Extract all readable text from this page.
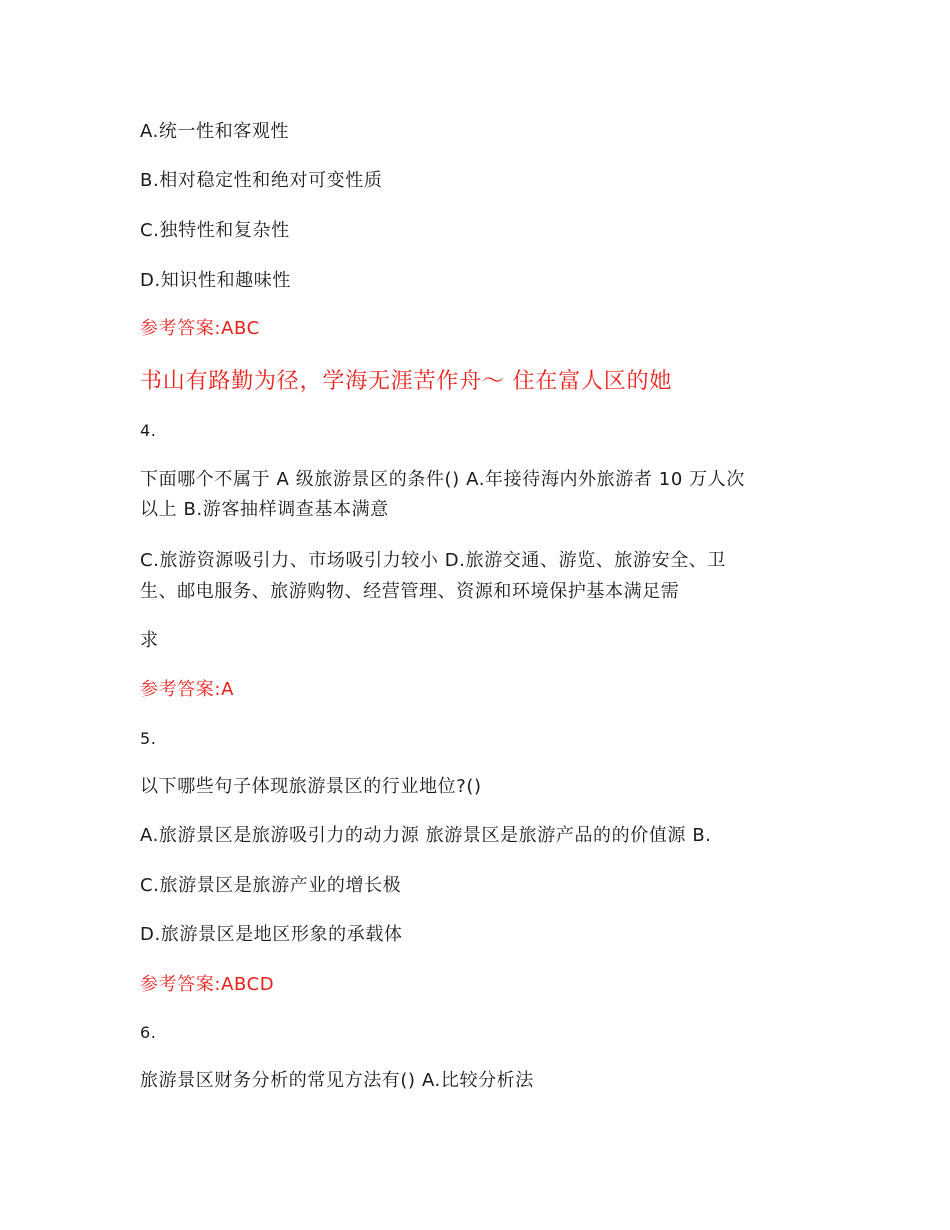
A.统一性和客观性
B.相对稳定性和绝对可变性质
C.独特性和复杂性
D.知识性和趣味性
参考答案:ABC
书山有路勤为径，学海无涯苦作舟～ 住在富人区的她
4.
下面哪个不属于 A 级旅游景区的条件() A.年接待海内外旅游者 10 万人次
以上 B.游客抽样调查基本满意
C.旅游资源吸引力、市场吸引力较小 D.旅游交通、游览、旅游安全、卫
生、邮电服务、旅游购物、经营管理、资源和环境保护基本满足需
求
参考答案:A
5.
以下哪些句子体现旅游景区的行业地位?()
A.旅游景区是旅游吸引力的动力源 旅游景区是旅游产品的的价值源 B.
C.旅游景区是旅游产业的增长极
D.旅游景区是地区形象的承载体
参考答案:ABCD
6.
旅游景区财务分析的常见方法有() A.比较分析法
